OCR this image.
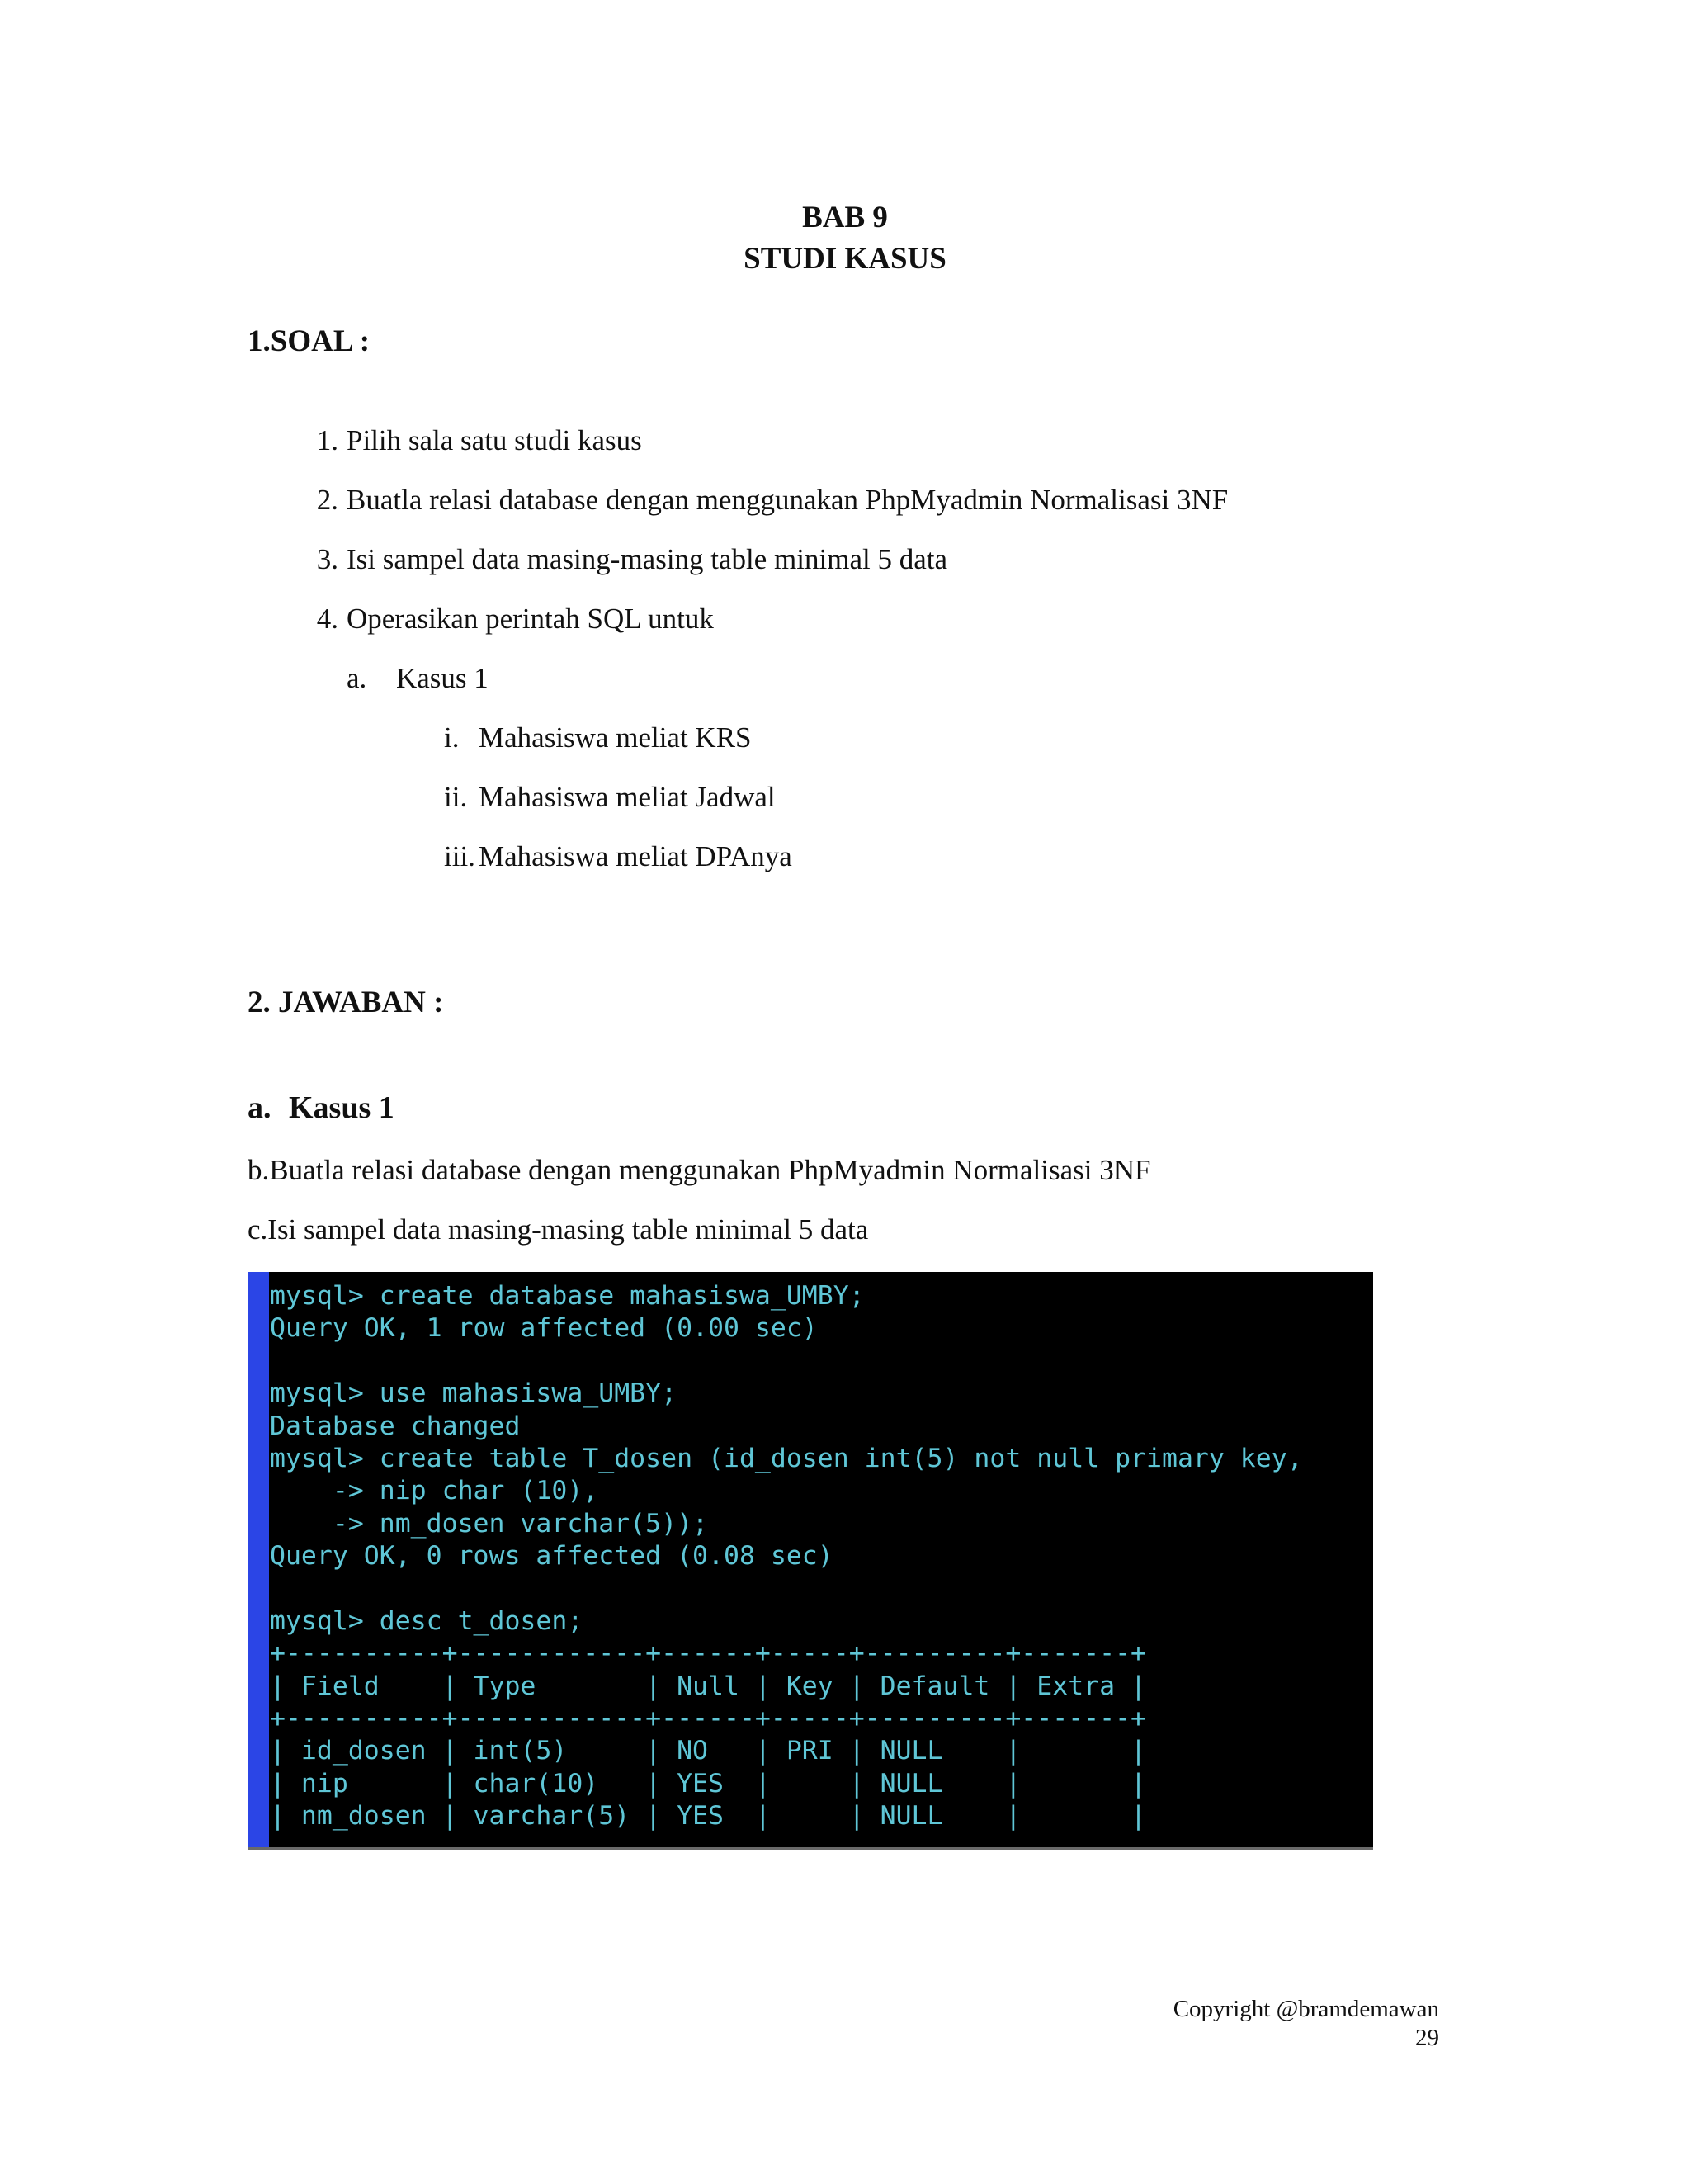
BAB 9
STUDI KASUS
1.SOAL :
1. Pilih sala satu studi kasus
2. Buatla relasi database dengan menggunakan PhpMyadmin Normalisasi 3NF
3. Isi sampel data masing-masing table minimal 5 data
4. Operasikan perintah SQL untuk
a.	Kasus 1
i. Mahasiswa meliat KRS
ii. Mahasiswa meliat Jadwal
iii. Mahasiswa meliat DPAnya
2. JAWABAN :
a. Kasus 1

b.Buatla relasi database dengan menggunakan PhpMyadmin Normalisasi 3NF

c.Isi sampel data masing-masing table minimal 5 data

mysql> create database mahasiswa_UMBY;
Query OK, 1 row affected (0.00 sec)
mysql> use mahasiswa_UMBY;
Database changed
mysql> create table T_dosen (id_dosen int(5) not null primary key,
-> nip char (10),
-> nm_dosen varchar(5));
Query OK, 0 rows affected (0.08 sec)
mysql> desc t_dosen;
+----------+------------+------+-----+---------+-------+
| Field    | Type       | Null | Key | Default | Extra |
+----------+------------+------+-----+---------+-------+
| id_dosen | int(5)     | NO   | PRI | NULL    |       |
| nip      | char(10)   | YES  |     | NULL    |       |
| nm_dosen | varchar(5) | YES  |     | NULL    |       |
Copyright @bramdemawan
29
